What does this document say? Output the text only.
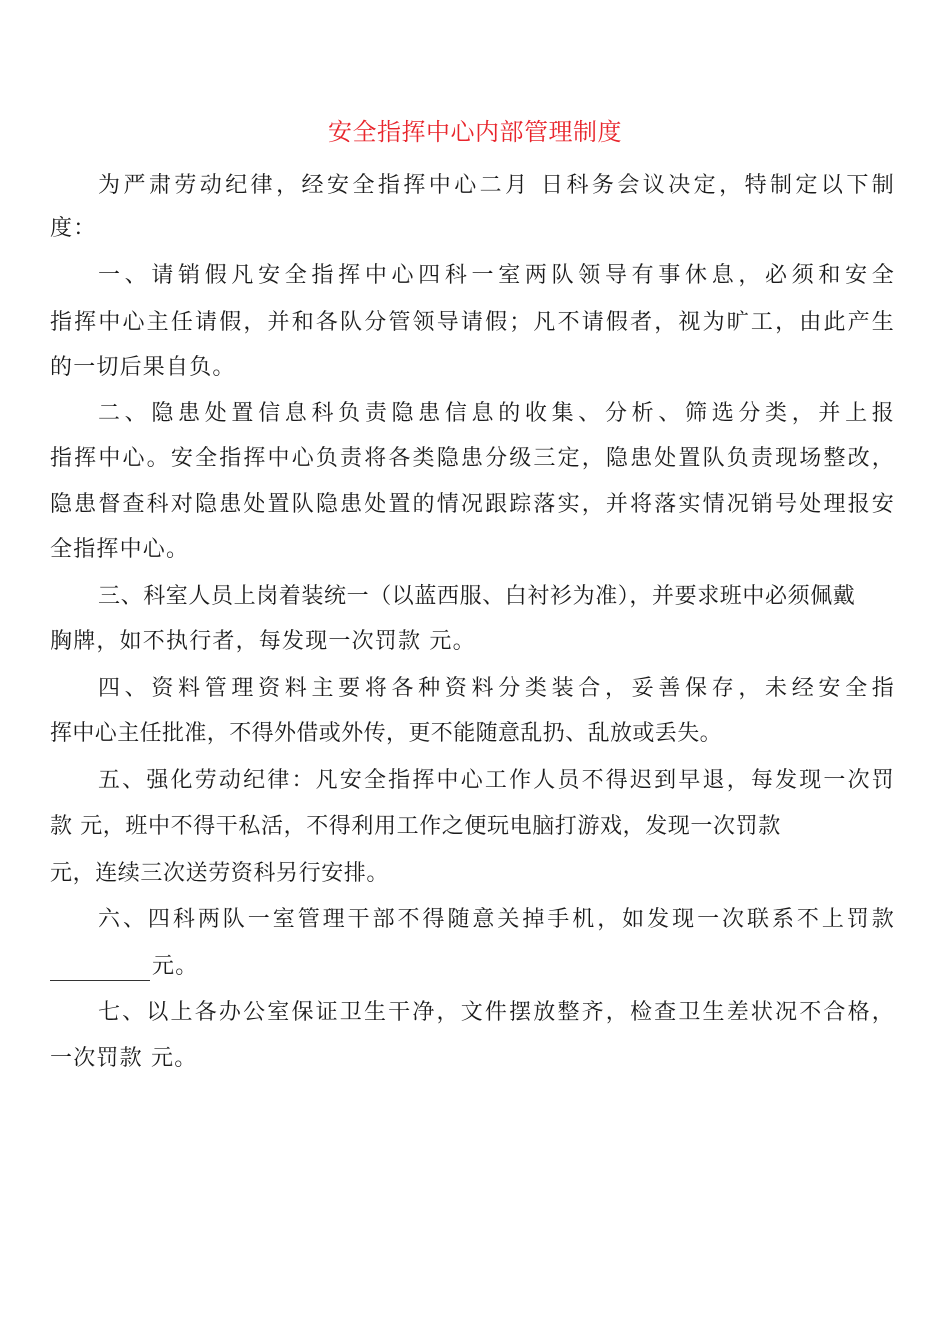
安全指挥中心内部管理制度
为严肃劳动纪律，经安全指挥中心二月 日科务会议决定，特制定以下制
度：
一、请销假凡安全指挥中心四科一室两队领导有事休息，必须和安全
指挥中心主任请假，并和各队分管领导请假；凡不请假者，视为旷工，由此产生
的一切后果自负。
二、隐患处置信息科负责隐患信息的收集、分析、筛选分类，并上报
指挥中心。安全指挥中心负责将各类隐患分级三定，隐患处置队负责现场整改，
隐患督查科对隐患处置队隐患处置的情况跟踪落实，并将落实情况销号处理报安
全指挥中心。
三、科室人员上岗着装统一（以蓝西服、白衬衫为准），并要求班中必须佩戴
胸牌，如不执行者，每发现一次罚款 元。
四、资料管理资料主要将各种资料分类装合，妥善保存，未经安全指
挥中心主任批准，不得外借或外传，更不能随意乱扔、乱放或丢失。
五、强化劳动纪律：凡安全指挥中心工作人员不得迟到早退，每发现一次罚
款 元，班中不得干私活，不得利用工作之便玩电脑打游戏，发现一次罚款
元，连续三次送劳资科另行安排。
六、四科两队一室管理干部不得随意关掉手机，如发现一次联系不上罚款
元。
七、以上各办公室保证卫生干净，文件摆放整齐，检查卫生差状况不合格，
一次罚款 元。
